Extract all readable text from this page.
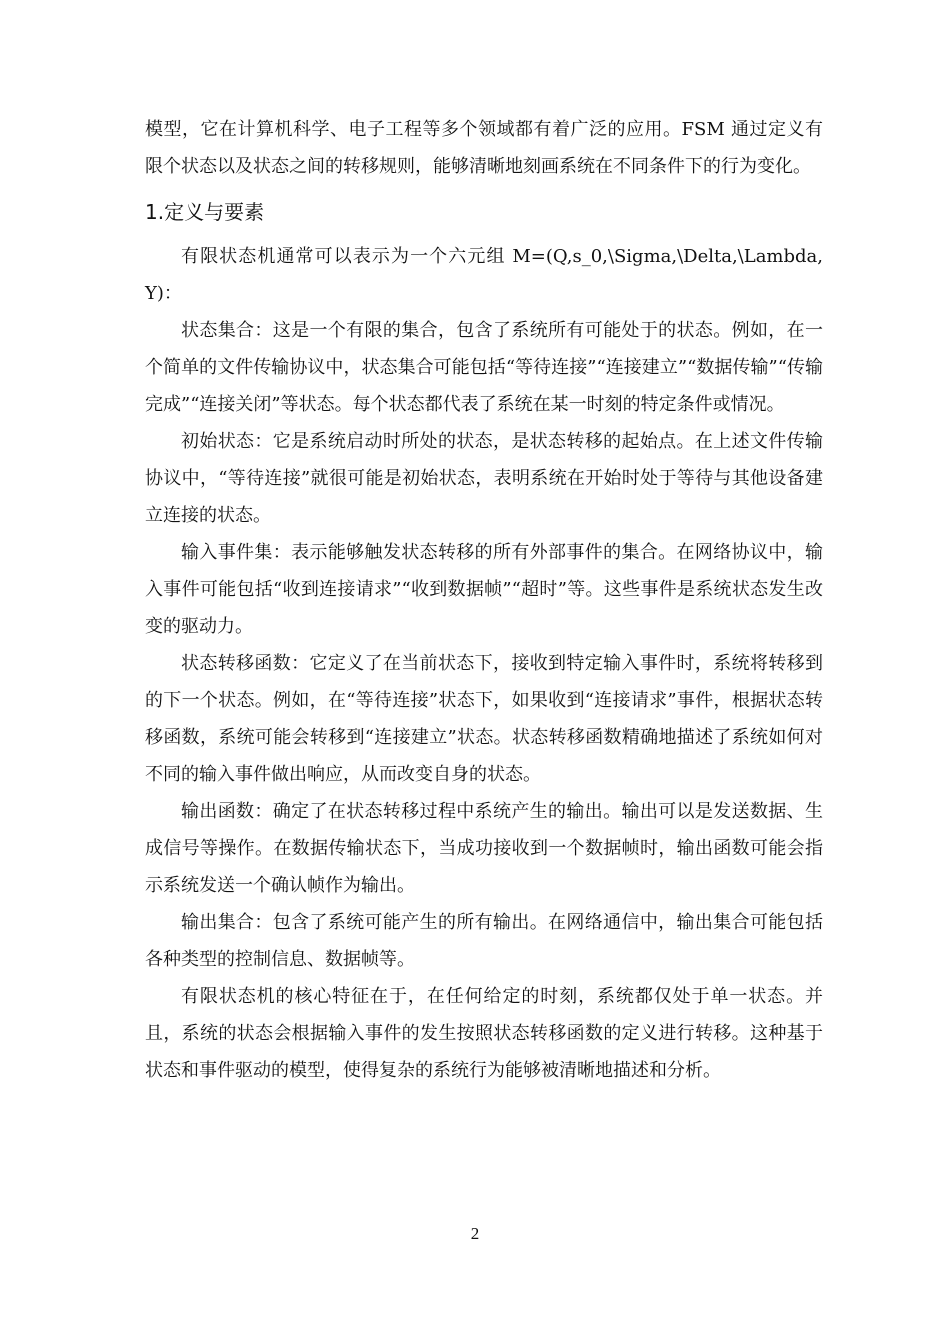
模型，它在计算机科学、电子工程等多个领域都有着广泛的应用。FSM 通过定义有限个状态以及状态之间的转移规则，能够清晰地刻画系统在不同条件下的行为变化。

1.定义与要素

有限状态机通常可以表示为一个六元组 M=(Q,s_0,\Sigma,\Delta,\Lambda,Y)：

状态集合：这是一个有限的集合，包含了系统所有可能处于的状态。例如，在一个简单的文件传输协议中，状态集合可能包括“等待连接”“连接建立”“数据传输”“传输完成”“连接关闭”等状态。每个状态都代表了系统在某一时刻的特定条件或情况。

初始状态：它是系统启动时所处的状态，是状态转移的起始点。在上述文件传输协议中，“等待连接”就很可能是初始状态，表明系统在开始时处于等待与其他设备建立连接的状态。

输入事件集：表示能够触发状态转移的所有外部事件的集合。在网络协议中，输入事件可能包括“收到连接请求”“收到数据帧”“超时”等。这些事件是系统状态发生改变的驱动力。

状态转移函数：它定义了在当前状态下，接收到特定输入事件时，系统将转移到的下一个状态。例如，在“等待连接”状态下，如果收到“连接请求”事件，根据状态转移函数，系统可能会转移到“连接建立”状态。状态转移函数精确地描述了系统如何对不同的输入事件做出响应，从而改变自身的状态。

输出函数：确定了在状态转移过程中系统产生的输出。输出可以是发送数据、生成信号等操作。在数据传输状态下，当成功接收到一个数据帧时，输出函数可能会指示系统发送一个确认帧作为输出。

输出集合：包含了系统可能产生的所有输出。在网络通信中，输出集合可能包括各种类型的控制信息、数据帧等。

有限状态机的核心特征在于，在任何给定的时刻，系统都仅处于单一状态。并且，系统的状态会根据输入事件的发生按照状态转移函数的定义进行转移。这种基于状态和事件驱动的模型，使得复杂的系统行为能够被清晰地描述和分析。

2
